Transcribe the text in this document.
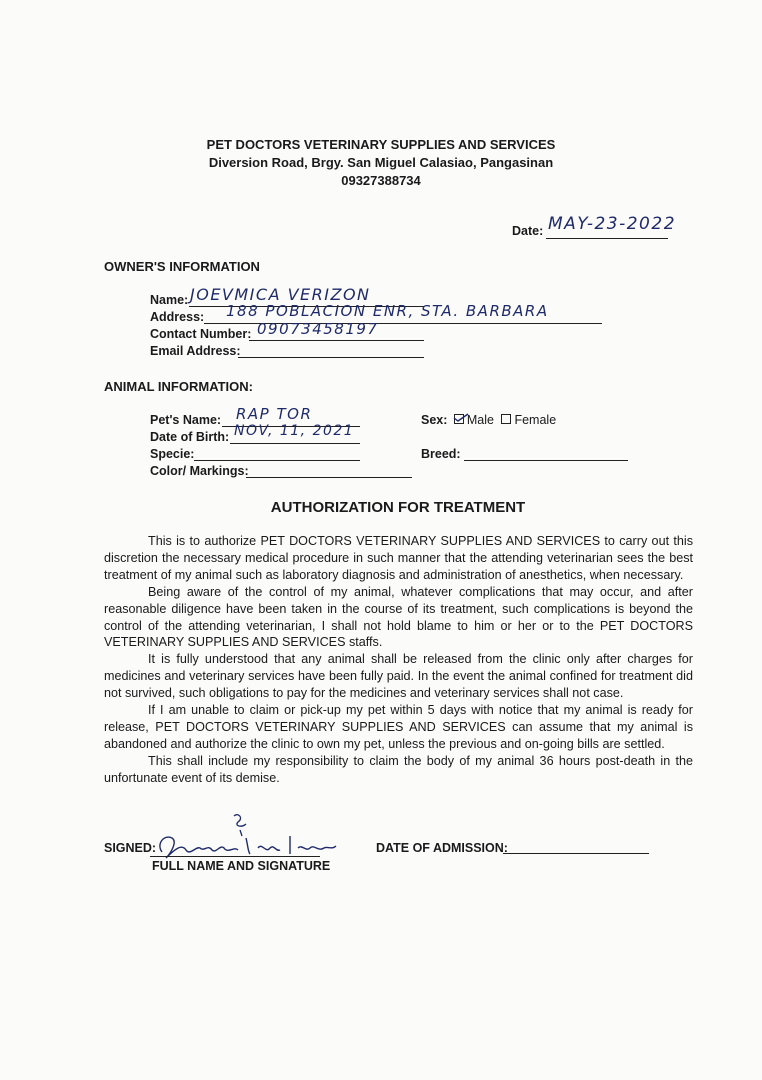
PET DOCTORS VETERINARY SUPPLIES AND SERVICES
Diversion Road, Brgy. San Miguel Calasiao, Pangasinan
09327388734
Date: MAY-23-2022
OWNER'S INFORMATION
Name: JOEVMICA VERIZON
Address: 188 POBLACION ENR, STA. BARBARA
Contact Number: 09073458197
Email Address:
ANIMAL INFORMATION:
Pet's Name: RAP TOR
Date of Birth: NOV, 11, 2021
Specie:
Color/ Markings:
Sex: Male Female
Breed:
AUTHORIZATION FOR TREATMENT

This is to authorize PET DOCTORS VETERINARY SUPPLIES AND SERVICES to carry out this discretion the necessary medical procedure in such manner that the attending veterinarian sees the best treatment of my animal such as laboratory diagnosis and administration of anesthetics, when necessary.

Being aware of the control of my animal, whatever complications that may occur, and after reasonable diligence have been taken in the course of its treatment, such complications is beyond the control of the attending veterinarian, I shall not hold blame to him or her or to the PET DOCTORS VETERINARY SUPPLIES AND SERVICES staffs.

It is fully understood that any animal shall be released from the clinic only after charges for medicines and veterinary services have been fully paid. In the event the animal confined for treatment did not survived, such obligations to pay for the medicines and veterinary services shall not case.

If I am unable to claim or pick-up my pet within 5 days with notice that my animal is ready for release, PET DOCTORS VETERINARY SUPPLIES AND SERVICES can assume that my animal is abandoned and authorize the clinic to own my pet, unless the previous and on-going bills are settled.

This shall include my responsibility to claim the body of my animal 36 hours post-death in the unfortunate event of its demise.

SIGNED:
FULL NAME AND SIGNATURE
DATE OF ADMISSION:
